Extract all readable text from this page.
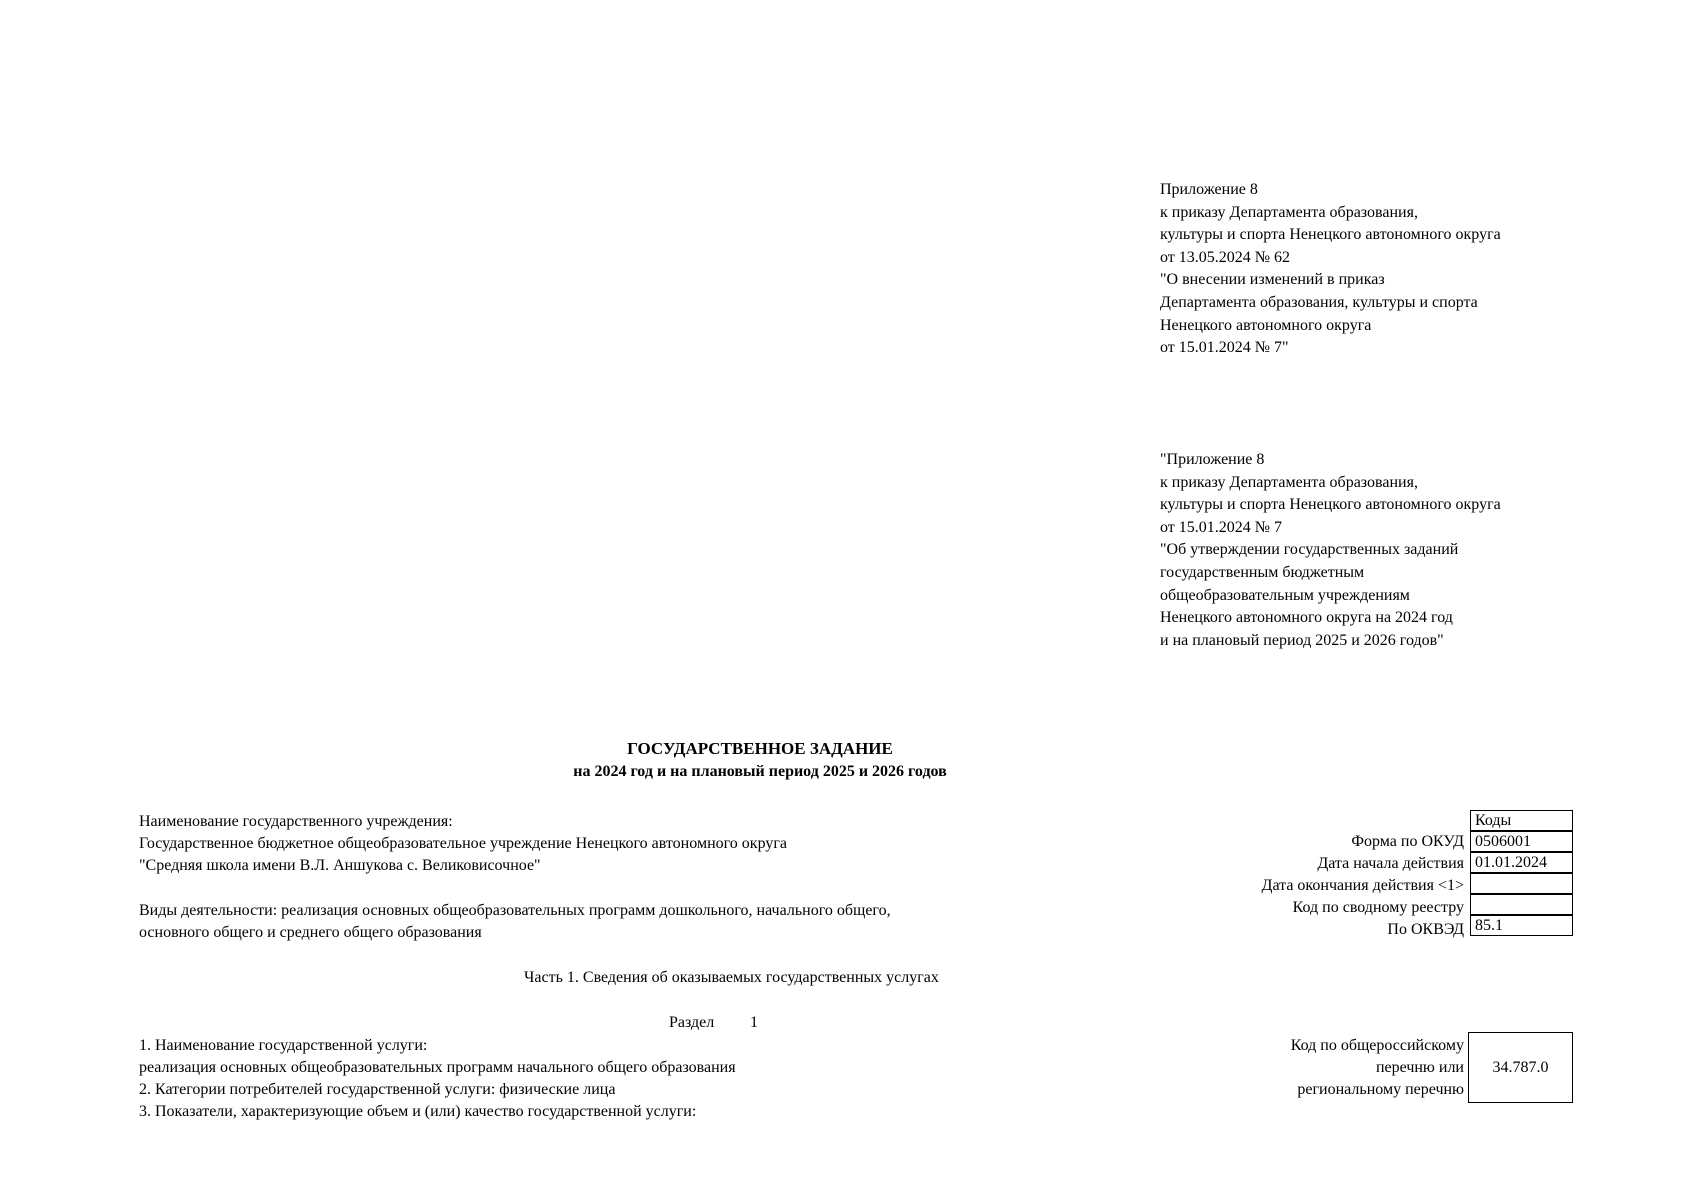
Приложение 8
к приказу Департамента образования,
культуры и спорта Ненецкого автономного округа
от 13.05.2024 № 62
"О внесении изменений в приказ
Департамента образования, культуры и спорта
Ненецкого автономного округа
от 15.01.2024 № 7"
"Приложение 8
к приказу Департамента образования,
культуры и спорта Ненецкого автономного округа
от 15.01.2024 № 7
"Об утверждении государственных заданий
государственным бюджетным
общеобразовательным учреждениям
Ненецкого автономного округа на 2024 год
и на плановый период 2025 и 2026 годов"
ГОСУДАРСТВЕННОЕ ЗАДАНИЕ
на 2024 год и на плановый период 2025 и 2026 годов
Наименование государственного учреждения:
Государственное бюджетное общеобразовательное учреждение Ненецкого автономного округа
"Средняя школа имени В.Л. Аншукова с. Великовисочное"
Виды деятельности: реализация основных общеобразовательных программ дошкольного, начального общего,
основного общего и среднего общего образования
Форма по ОКУД
Дата начала действия
Дата окончания действия <1>
Код по сводному реестру
По ОКВЭД
Коды
0506001
01.01.2024
85.1
Часть 1. Сведения об оказываемых государственных услугах
Раздел 1
1. Наименование государственной услуги:
реализация основных общеобразовательных программ начального общего образования
2. Категории потребителей государственной услуги: физические лица
3. Показатели, характеризующие объем и (или) качество государственной услуги:
Код по общероссийскому
перечню или
региональному перечню
34.787.0
